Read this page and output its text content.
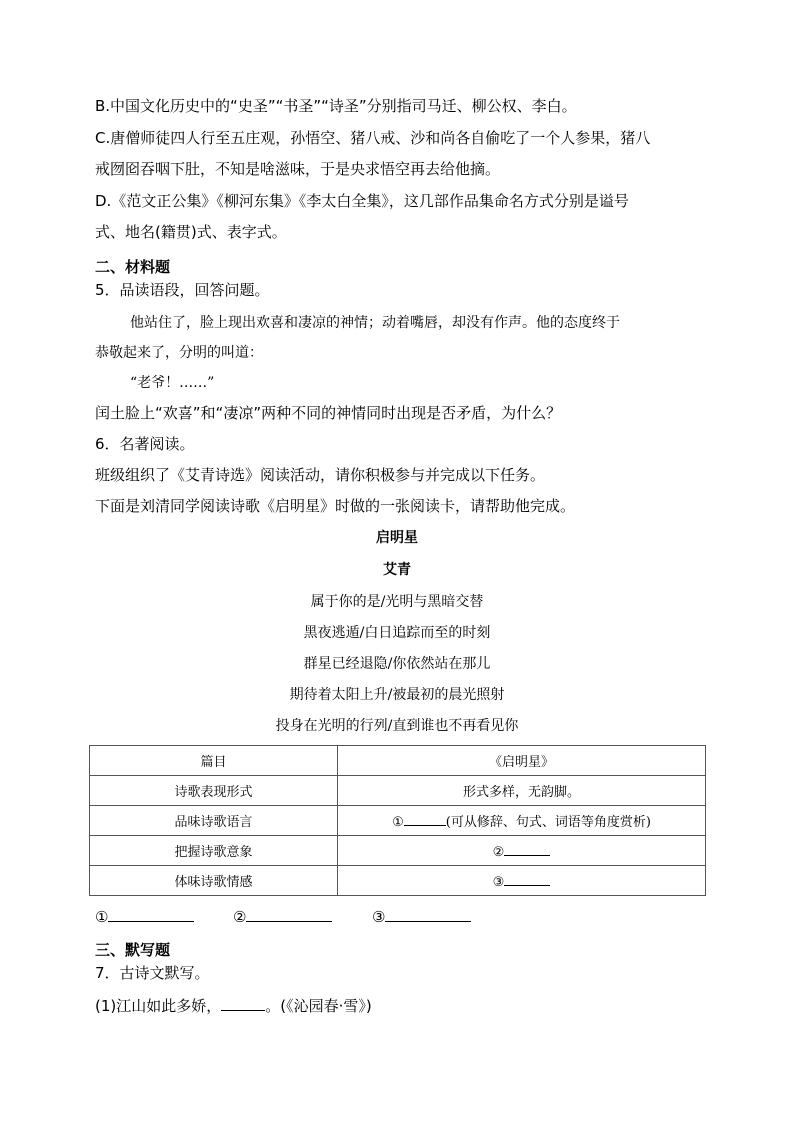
B.中国文化历史中的“史圣”“书圣”“诗圣”分别指司马迁、柳公权、李白。
C.唐僧师徒四人行至五庄观，孙悟空、猪八戒、沙和尚各自偷吃了一个人参果，猪八
戒囫囵吞咽下肚，不知是啥滋味，于是央求悟空再去给他摘。
D.《范文正公集》《柳河东集》《李太白全集》，这几部作品集命名方式分别是谥号
式、地名(籍贯)式、表字式。
二、材料题
5．品读语段，回答问题。
他站住了，脸上现出欢喜和凄凉的神情；动着嘴唇，却没有作声。他的态度终于
恭敬起来了，分明的叫道：
“老爷！……”
闰土脸上“欢喜”和“凄凉”两种不同的神情同时出现是否矛盾，为什么？
6．名著阅读。
班级组织了《艾青诗选》阅读活动，请你积极参与并完成以下任务。
下面是刘清同学阅读诗歌《启明星》时做的一张阅读卡，请帮助他完成。
启明星
艾青
属于你的是/光明与黑暗交替
黑夜逃遁/白日追踪而至的时刻
群星已经退隐/你依然站在那儿
期待着太阳上升/被最初的晨光照射
投身在光明的行列/直到谁也不再看见你
篇目	《启明星》
诗歌表现形式	形式多样，无韵脚。
品味诗歌语言	① (可从修辞、句式、词语等角度赏析)
把握诗歌意象	②
体味诗歌情感	③
①	②	③
三、默写题
7．古诗文默写。
(1)江山如此多娇，	。(《沁园春·雪》)
